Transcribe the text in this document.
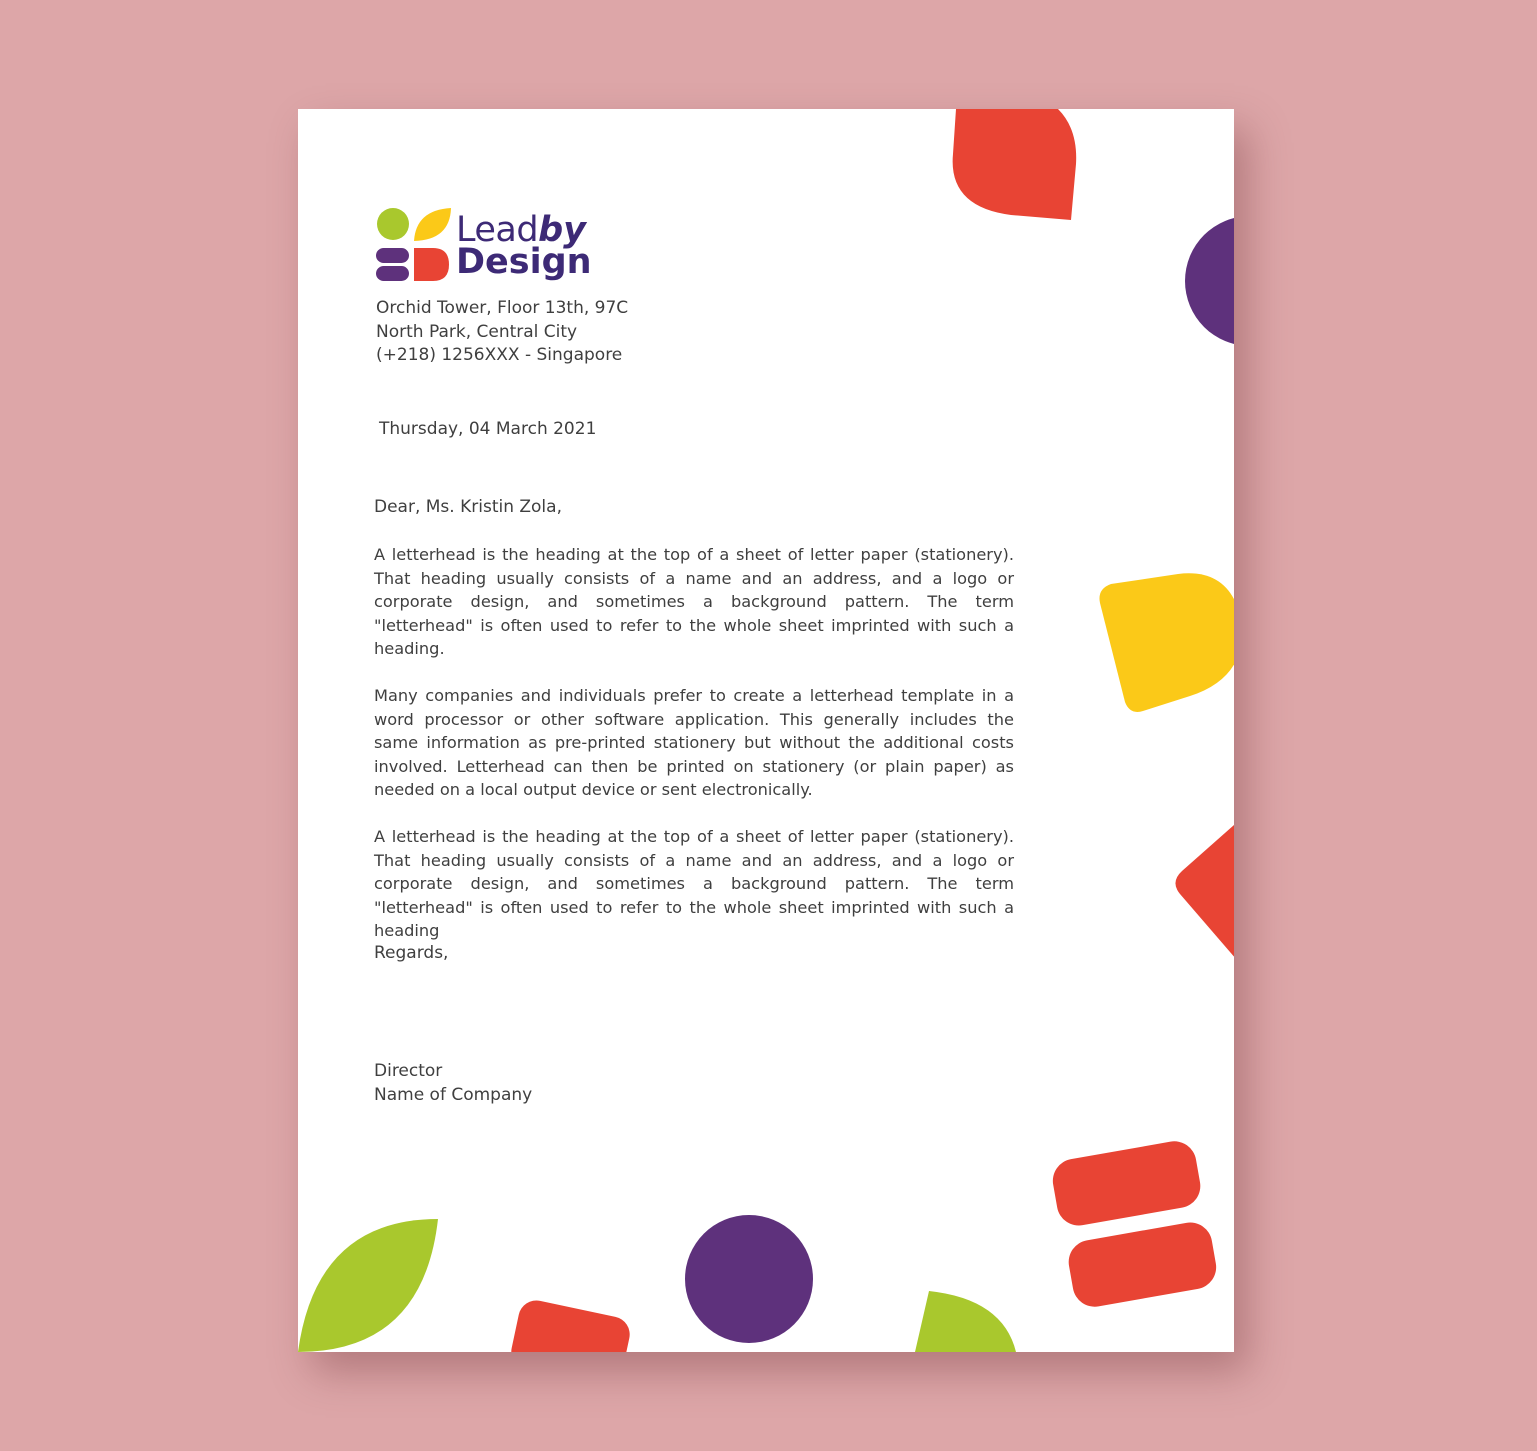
Leadby
Design
Orchid Tower, Floor 13th, 97C
North Park, Central City
(+218) 1256XXX - Singapore
Thursday, 04 March 2021
Dear, Ms. Kristin Zola,

A letterhead is the heading at the top of a sheet of letter paper (stationery). That heading usually consists of a name and an address, and a logo or corporate design, and sometimes a background pattern. The term "letterhead" is often used to refer to the whole sheet imprinted with such a heading.

Many companies and individuals prefer to create a letterhead template in a word processor or other software application. This generally includes the same information as pre-printed stationery but without the additional costs involved. Letterhead can then be printed on stationery (or plain paper) as needed on a local output device or sent electronically.

A letterhead is the heading at the top of a sheet of letter paper (stationery). That heading usually consists of a name and an address, and a logo or corporate design, and sometimes a background pattern. The term "letterhead" is often used to refer to the whole sheet imprinted with such a heading

Regards,
Director
Name of Company
